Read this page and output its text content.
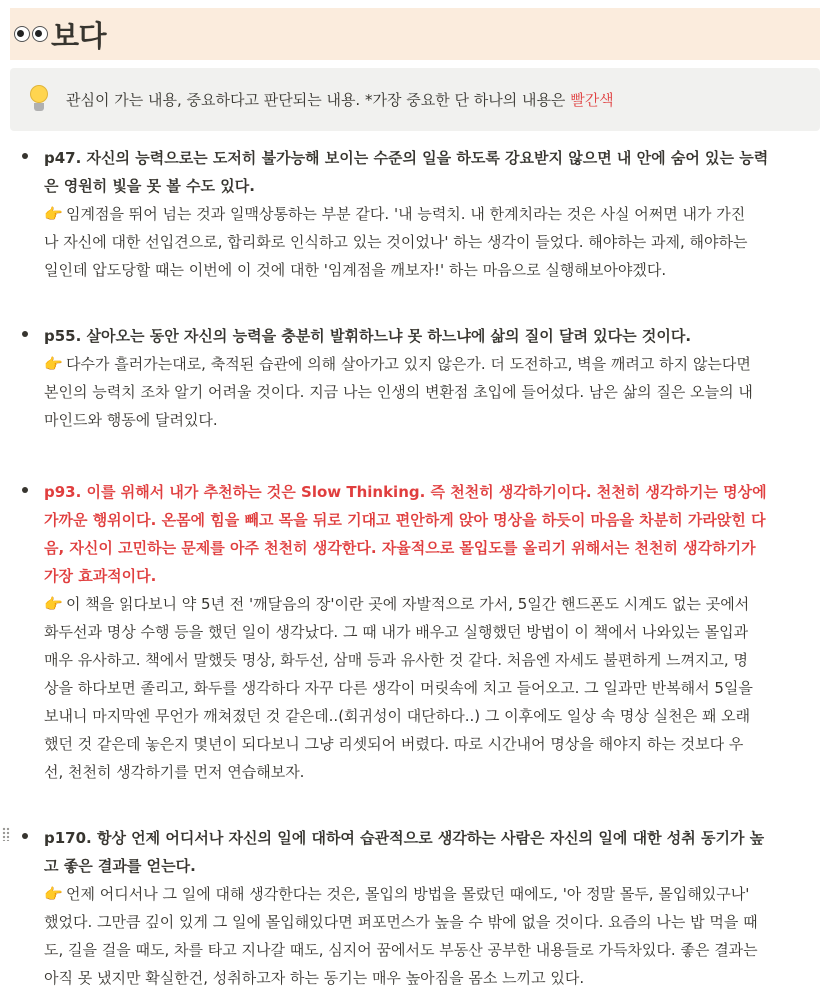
보다
관심이 가는 내용, 중요하다고 판단되는 내용. *가장 중요한 단 하나의 내용은 빨간색
p47. 자신의 능력으로는 도저히 불가능해 보이는 수준의 일을 하도록 강요받지 않으면 내 안에 숨어 있는 능력
은 영원히 빛을 못 볼 수도 있다.
👉 임계점을 뛰어 넘는 것과 일맥상통하는 부분 같다. '내 능력치. 내 한계치라는 것은 사실 어쩌면 내가 가진
나 자신에 대한 선입견으로, 합리화로 인식하고 있는 것이었나' 하는 생각이 들었다. 해야하는 과제, 해야하는
일인데 압도당할 때는 이번에 이 것에 대한 '임계점을 깨보자!' 하는 마음으로 실행해보아야겠다.
p55. 살아오는 동안 자신의 능력을 충분히 발휘하느냐 못 하느냐에 삶의 질이 달려 있다는 것이다.
👉 다수가 흘러가는대로, 축적된 습관에 의해 살아가고 있지 않은가. 더 도전하고, 벽을 깨려고 하지 않는다면
본인의 능력치 조차 알기 어려울 것이다. 지금 나는 인생의 변환점 초입에 들어섰다. 남은 삶의 질은 오늘의 내
마인드와 행동에 달려있다.
p93. 이를 위해서 내가 추천하는 것은 Slow Thinking. 즉 천천히 생각하기이다. 천천히 생각하기는 명상에
가까운 행위이다. 온몸에 힘을 빼고 목을 뒤로 기대고 편안하게 앉아 명상을 하듯이 마음을 차분히 가라앉힌 다
음, 자신이 고민하는 문제를 아주 천천히 생각한다. 자율적으로 몰입도를 올리기 위해서는 천천히 생각하기가
가장 효과적이다.
👉 이 책을 읽다보니 약 5년 전 '깨달음의 장'이란 곳에 자발적으로 가서, 5일간 핸드폰도 시계도 없는 곳에서
화두선과 명상 수행 등을 했던 일이 생각났다. 그 때 내가 배우고 실행했던 방법이 이 책에서 나와있는 몰입과
매우 유사하고. 책에서 말했듯 명상, 화두선, 삼매 등과 유사한 것 같다. 처음엔 자세도 불편하게 느껴지고, 명
상을 하다보면 졸리고, 화두를 생각하다 자꾸 다른 생각이 머릿속에 치고 들어오고. 그 일과만 반복해서 5일을
보내니 마지막엔 무언가 깨쳐졌던 것 같은데..(회귀성이 대단하다..) 그 이후에도 일상 속 명상 실천은 꽤 오래
했던 것 같은데 놓은지 몇년이 되다보니 그냥 리셋되어 버렸다. 따로 시간내어 명상을 해야지 하는 것보다 우
선, 천천히 생각하기를 먼저 연습해보자.
p170. 항상 언제 어디서나 자신의 일에 대하여 습관적으로 생각하는 사람은 자신의 일에 대한 성취 동기가 높
고 좋은 결과를 얻는다.
👉 언제 어디서나 그 일에 대해 생각한다는 것은, 몰입의 방법을 몰랐던 때에도, '아 정말 몰두, 몰입해있구나'
했었다. 그만큼 깊이 있게 그 일에 몰입해있다면 퍼포먼스가 높을 수 밖에 없을 것이다. 요즘의 나는 밥 먹을 때
도, 길을 걸을 때도, 차를 타고 지나갈 때도, 심지어 꿈에서도 부동산 공부한 내용들로 가득차있다. 좋은 결과는
아직 못 냈지만 확실한건, 성취하고자 하는 동기는 매우 높아짐을 몸소 느끼고 있다.
